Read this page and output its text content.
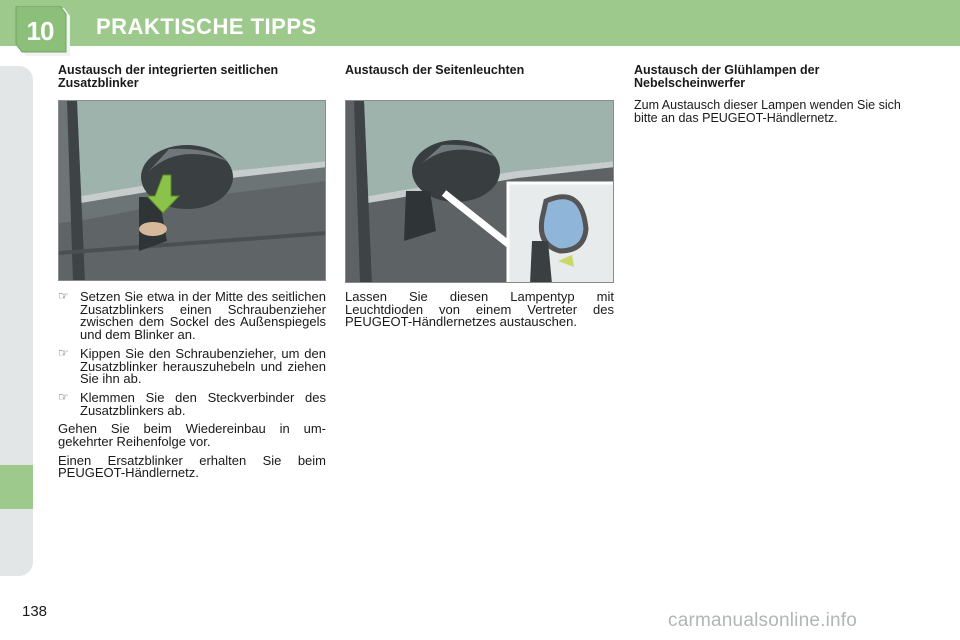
10	PRAKTISCHE TIPPS
Austausch der integrierten seitlichen Zusatzblinker
☞ Setzen Sie etwa in der Mitte des seitlichen Zusatzblinkers einen Schraubenzieher zwischen dem Sockel des Außenspiegels und dem Blinker an.
☞ Kippen Sie den Schraubenzieher, um den Zusatzblinker herauszuhebeln und ziehen Sie ihn ab.
☞ Klemmen Sie den Steckverbinder des Zusatzblinkers ab.
Gehen Sie beim Wiedereinbau in um-gekehrter Reihenfolge vor.
Einen Ersatzblinker erhalten Sie beim PEUGEOT-Händlernetz.
Austausch der Seitenleuchten
Lassen Sie diesen Lampentyp mit Leuchtdioden von einem Vertreter des PEUGEOT-Händlernetzes austauschen.
Austausch der Glühlampen der Nebelscheinwerfer
Zum Austausch dieser Lampen wenden Sie sich bitte an das PEUGEOT-Händlernetz.
138	carmanualsonline.info
